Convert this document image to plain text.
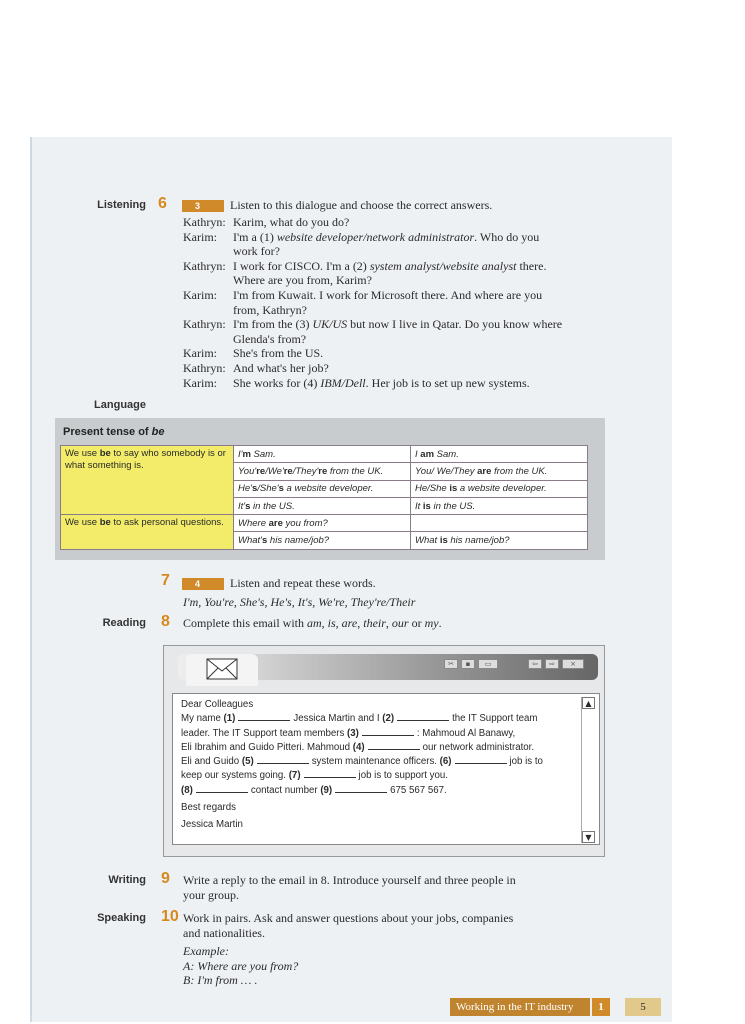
Listening 6	3 Listen to this dialogue and choose the correct answers.
Kathryn: Karim, what do you do?
Karim: I'm a (1) website developer/network administrator. Who do you
work for?
Kathryn: I work for CISCO. I'm a (2) system analyst/website analyst there.
Where are you from, Karim?
Karim: I'm from Kuwait. I work for Microsoft there. And where are you
from, Kathryn?
Kathryn: I'm from the (3) UK/US but now I live in Qatar. Do you know where
Glenda's from?
Karim: She's from the US.
Kathryn: And what's her job?
Karim: She works for (4) IBM/Dell. Her job is to set up new systems.
Language
Present tense of be
We use be to say who somebody is or what something is.	I'm Sam.	I am Sam.
	You're/We're/They're from the UK.	You/ We/They are from the UK.
	He's/She's a website developer.	He/She is a website developer.
	It's in the US.	It is in the US.
We use be to ask personal questions.	Where are you from?	
	What's his name/job?	What is his name/job?
7	4 Listen and repeat these words.
I'm, You're, She's, He's, It's, We're, They're/Their
Reading 8 Complete this email with am, is, are, their, our or my.
✂	▪	▭	⇦	⇨	×
▲
▼
Dear Colleagues
My name (1)	Jessica Martin and I (2)	the IT Support team
leader. The IT Support team members (3)	: Mahmoud Al Banawy,
Eli Ibrahim and Guido Pitteri. Mahmoud (4)	our network administrator.
Eli and Guido (5)	system maintenance officers. (6)	job is to
keep our systems going. (7)	job is to support you.
(8)	contact number (9)	675 567 567.
Best regards
Jessica Martin
Writing 9 Write a reply to the email in 8. Introduce yourself and three people in
your group.
Speaking 10 Work in pairs. Ask and answer questions about your jobs, companies
and nationalities.
Example:
A: Where are you from?
B: I'm from … .
Working in the IT industry	1	5
